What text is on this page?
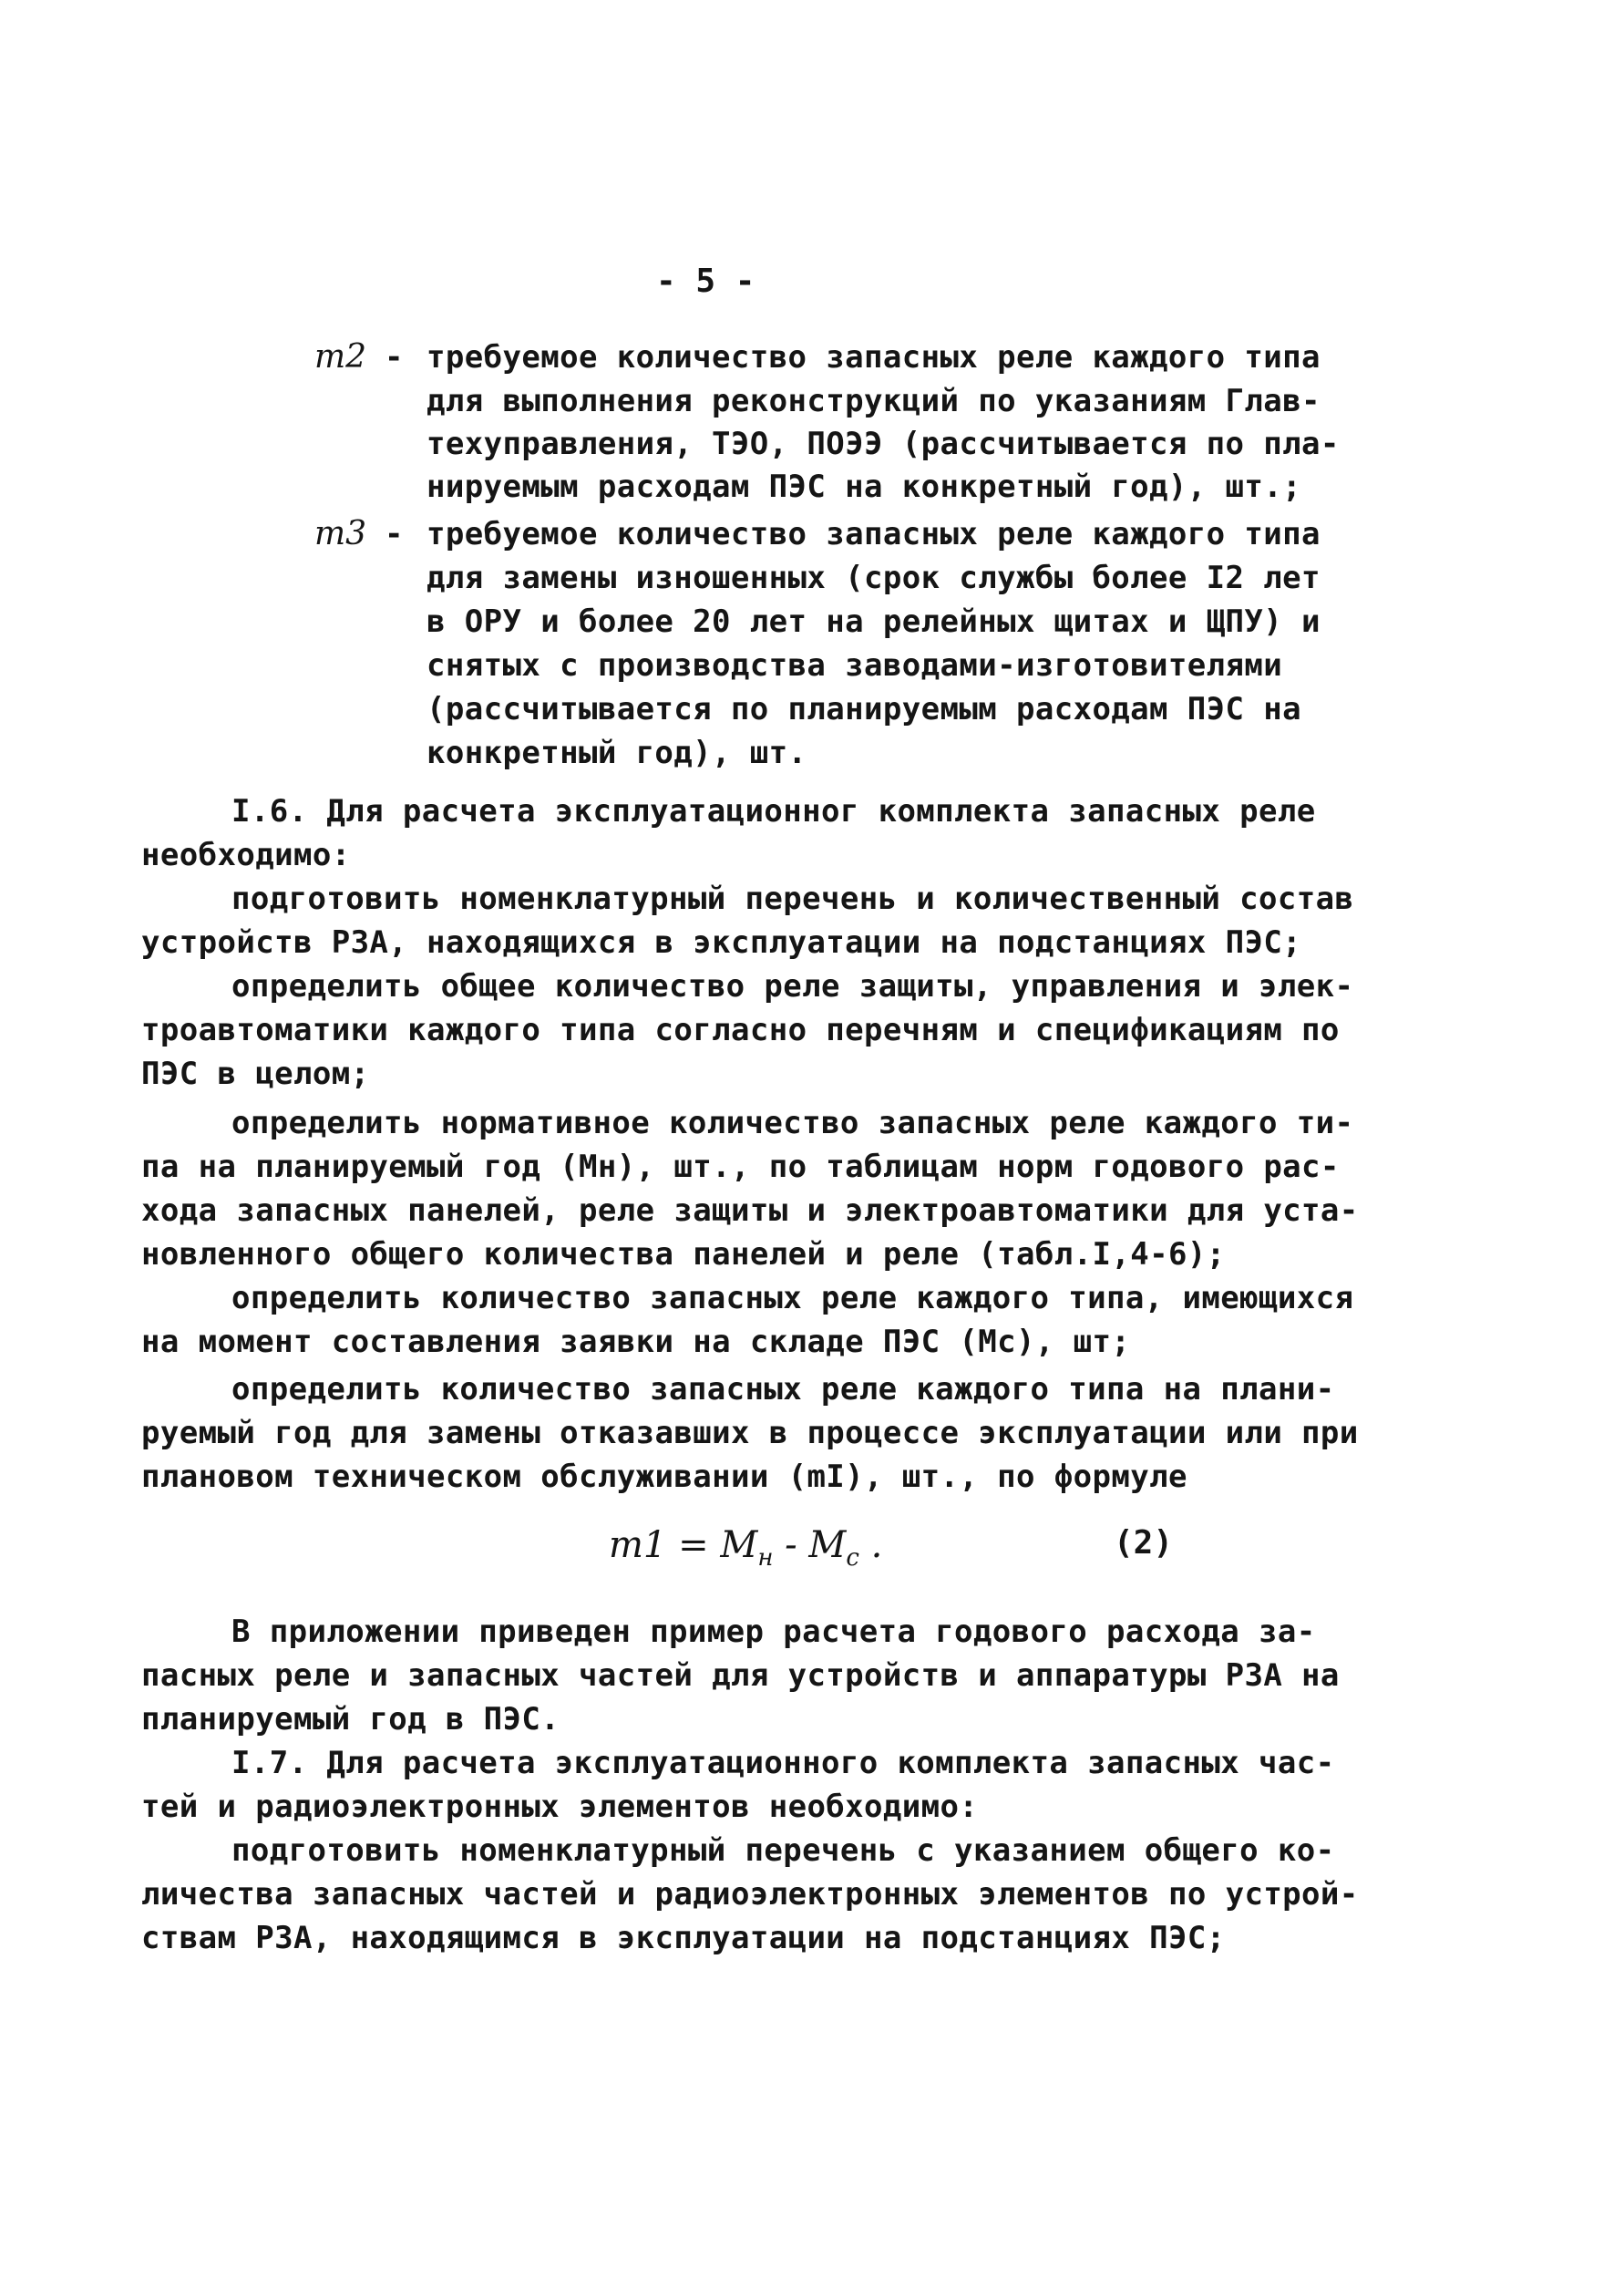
- 5 -
m2 - требуемое количество запасных реле каждого типа
для выполнения реконструкций по указаниям Глав-
техуправления, ТЭО, ПОЭЭ (рассчитывается по пла-
нируемым расходам ПЭС на конкретный год), шт.;
m3 - требуемое количество запасных реле каждого типа
для замены изношенных (срок службы более I2 лет
в ОРУ и более 20 лет на релейных щитах и ЩПУ) и
снятых с производства заводами-изготовителями
(рассчитывается по планируемым расходам ПЭС на
конкретный год), шт.
I.6. Для расчета эксплуатационног комплекта запасных реле
необходимо:
подготовить номенклатурный перечень и количественный состав
устройств РЗА, находящихся в эксплуатации на подстанциях ПЭС;
определить общее количество реле защиты, управления и элек-
троавтоматики каждого типа согласно перечням и спецификациям по
ПЭС в целом;
определить нормативное количество запасных реле каждого ти-
па на планируемый год (Mн), шт., по таблицам норм годового рас-
хода запасных панелей, реле защиты и электроавтоматики для уста-
новленного общего количества панелей и реле (табл.I,4-6);
определить количество запасных реле каждого типа, имеющихся
на момент составления заявки на складе ПЭС (Mс), шт;
определить количество запасных реле каждого типа на плани-
руемый год для замены отказавших в процессе эксплуатации или при
плановом техническом обслуживании (mI), шт., по формуле
$m1 = M_н - M_c$ .	(2)
В приложении приведен пример расчета годового расхода за-
пасных реле и запасных частей для устройств и аппаратуры РЗА на
планируемый год в ПЭС.
I.7. Для расчета эксплуатационного комплекта запасных час-
тей и радиоэлектронных элементов необходимо:
подготовить номенклатурный перечень с указанием общего ко-
личества запасных частей и радиоэлектронных элементов по устрой-
ствам РЗА, находящимся в эксплуатации на подстанциях ПЭС;
